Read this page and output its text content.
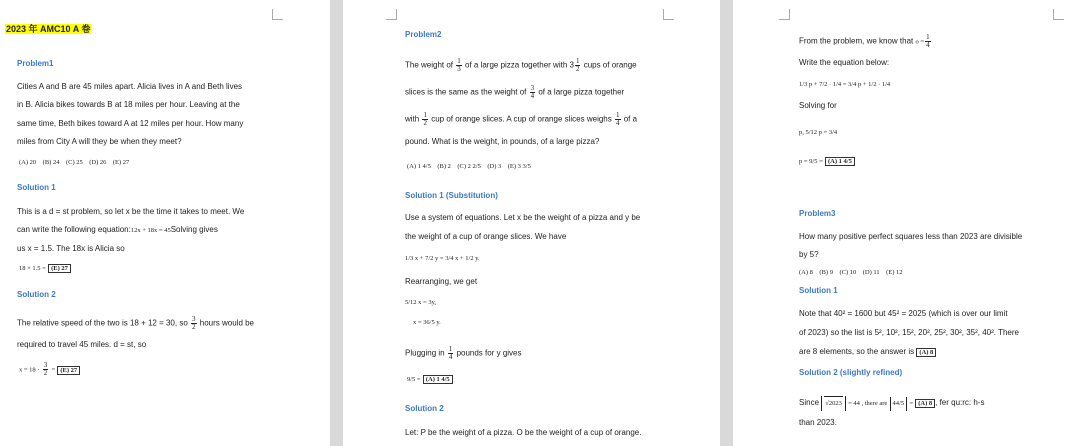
2023 年 AMC10 A 卷
Problem1
Cities A and B are 45 miles apart. Alicia lives in A and Beth lives
in B. Alicia bikes towards B at 18 miles per hour. Leaving at the
same time, Beth bikes toward A at 12 miles per hour. How many
miles from City A will they be when they meet?
(A) 20    (B) 24    (C) 25    (D) 26    (E) 27
Solution 1
This is a d = st problem, so let x be the time it takes to meet. We
can write the following equation:12x + 18x = 45Solving gives
us x = 1.5. The 18x is Alicia so
18 × 1.5 = (E) 27
Solution 2
The relative speed of the two is 18 + 12 = 30, so $\frac{3}{2}$ hours would be
required to travel 45 miles. d = st, so
$x = 18 \cdot \frac{3}{2} = (E)$ 27
Problem2
The weight of $\frac{1}{3}$ of a large pizza together with $3 \frac{1}{2}$ cups of orange
slices is the same as the weight of $\frac{3}{4}$ of a large pizza together
with $\frac{1}{2}$ cup of orange slices. A cup of orange slices weighs $\frac{1}{4}$ of a
pound. What is the weight, in pounds, of a large pizza?
(A) 1 4/5    (B) 2    (C) 2 2/5    (D) 3    (E) 3 3/5
Solution 1 (Substitution)
Use a system of equations. Let x be the weight of a pizza and y be
the weight of a cup of orange slices. We have
1/3 x + 7/2 y = 3/4 x + 1/2 y.
Rearranging, we get
5/12 x = 3y,
x = 36/5 y.
Plugging in $\frac{1}{4}$ pounds for y gives
9/5 = (A) 1 4/5
Solution 2
Let: P be the weight of a pizza. O be the weight of a cup of orange.
From the problem, we know that $o = \frac{1}{4}$
Write the equation below:
1/3 p + 7/2 · 1/4 = 3/4 p + 1/2 · 1/4
Solving for
p, 5/12 p = 3/4
p = 9/5 = (A) 1 4/5
Problem3
How many positive perfect squares less than 2023 are divisible
by 5?
(A) 8    (B) 9    (C) 10    (D) 11    (E) 12
Solution 1
Note that 40² = 1600 but 45² = 2025 (which is over our limit
of 2023) so the list is 5², 10², 15², 20², 25², 30², 35², 40². There
are 8 elements, so the answer is (A) 8
Solution 2 (slightly refined)
Since √2023 = 44 , there are 44/5 = (A) 8 , fer qu:rc: h-s
than 2023.
